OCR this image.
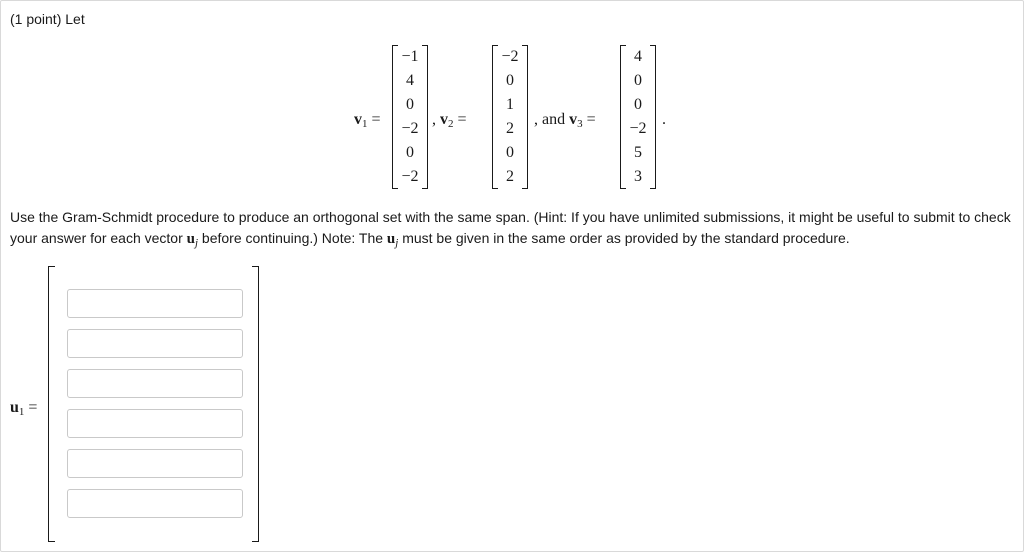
(1 point) Let
$v_1$ =
−1
4
0
−2
0
−2
, $v_2$ =
−2
0
1
2
0
2
, and $v_3$ =
4
0
0
−2
5
3
.
Use the Gram-Schmidt procedure to produce an orthogonal set with the same span. (Hint: If you have unlimited submissions, it might be useful to submit to check your answer for each vector $u_j$ before continuing.) Note: The $u_j$ must be given in the same order as provided by the standard procedure.
$u_1$ =
